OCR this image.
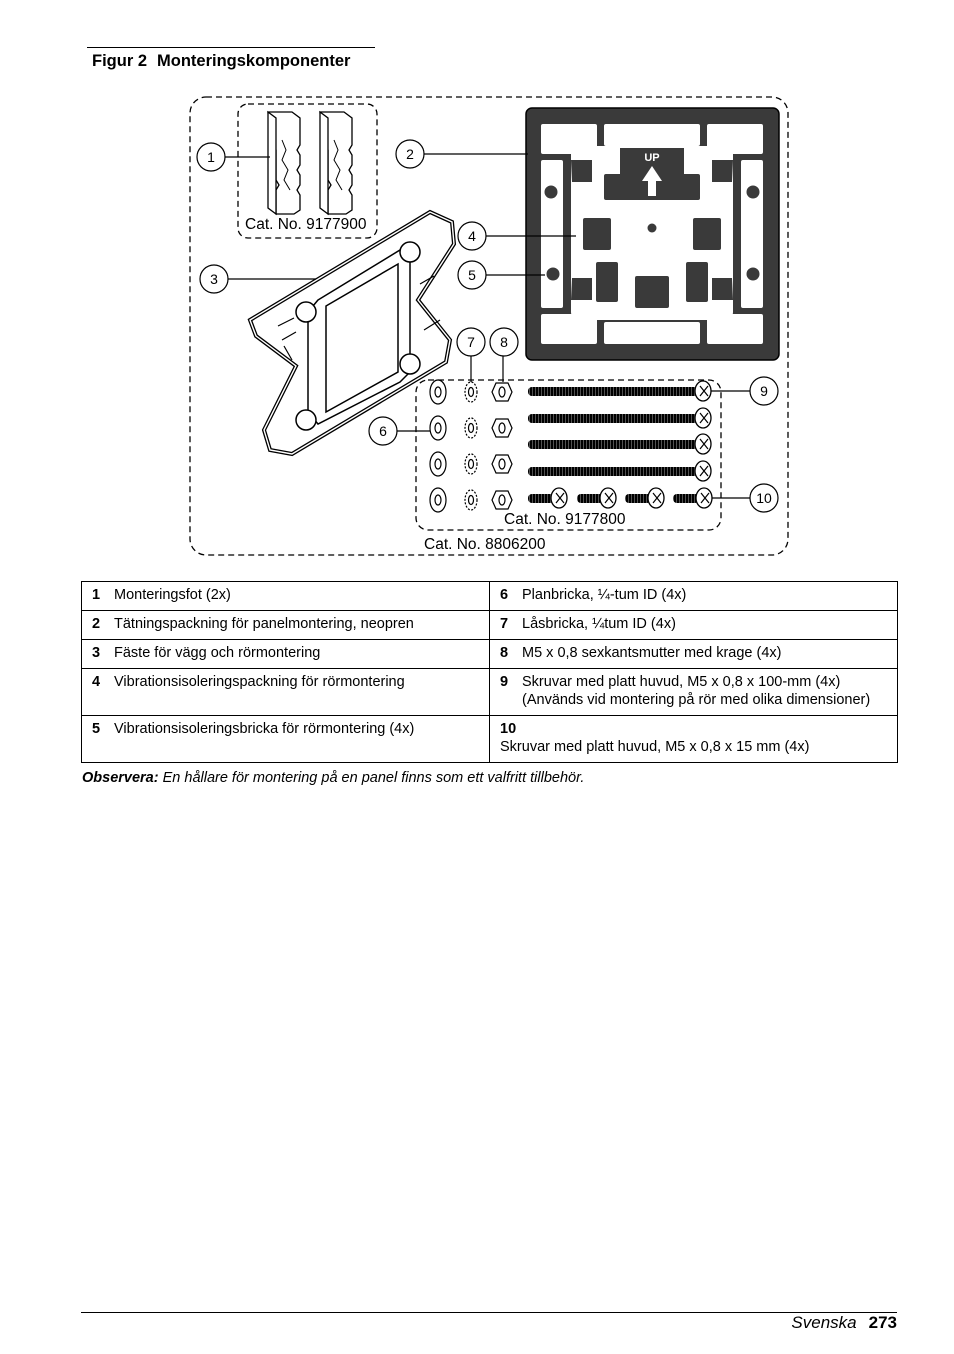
Figur 2 Monteringskomponenter
Cat. No. 9177900
UP
Cat. No. 9177800
Cat. No. 8806200
1	2
3
4
5
6
7 8
9
10
1 Monteringsfot (2x)	6 Planbricka, ¼-tum ID (4x)
2 Tätningspackning för panelmontering, neopren	7 Låsbricka, ¼tum ID (4x)
3 Fäste för vägg och rörmontering	8 M5 x 0,8 sexkantsmutter med krage (4x)
4 Vibrationsisoleringspackning för rörmontering	9 Skruvar med platt huvud, M5 x 0,8 x 100-mm (4x) (Används vid montering på rör med olika dimensioner)
5 Vibrationsisoleringsbricka för rörmontering (4x)	10Skruvar med platt huvud, M5 x 0,8 x 15 mm (4x)
Observera: En hållare för montering på en panel finns som ett valfritt tillbehör.
Svenska 273
